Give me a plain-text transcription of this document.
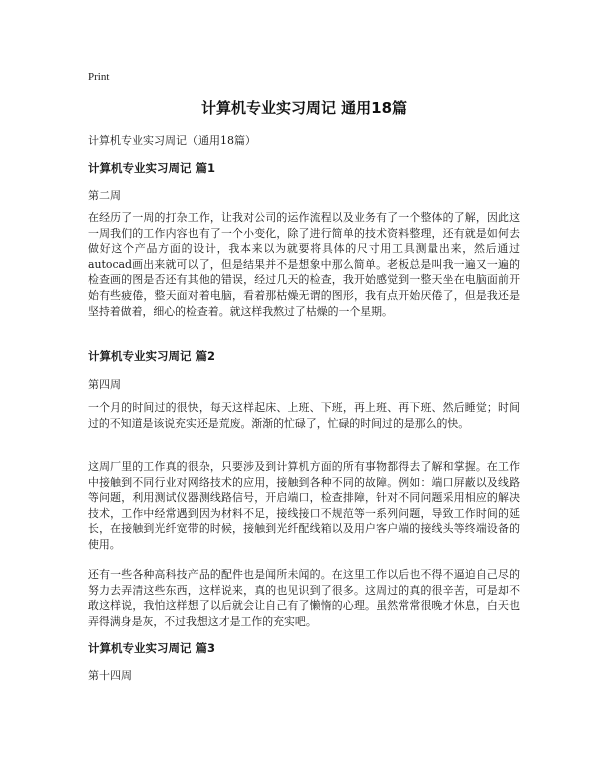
Print
计算机专业实习周记 通用18篇
计算机专业实习周记（通用18篇）
计算机专业实习周记 篇1
第二周
在经历了一周的打杂工作，让我对公司的运作流程以及业务有了一个整体的了解，因此这一周我们的工作内容也有了一个小变化，除了进行简单的技术资料整理，还有就是如何去做好这个产品方面的设计，我本来以为就要将具体的尺寸用工具测量出来，然后通过autocad画出来就可以了，但是结果并不是想象中那么简单。老板总是叫我一遍又一遍的检查画的图是否还有其他的错误，经过几天的检查，我开始感觉到一整天坐在电脑面前开始有些疲倦，整天面对着电脑，看着那枯燥无谓的图形，我有点开始厌倦了，但是我还是坚持着做着，细心的检查着。就这样我熬过了枯燥的一个星期。
计算机专业实习周记 篇2
第四周
一个月的时间过的很快，每天这样起床、上班、下班，再上班、再下班、然后睡觉；时间过的不知道是该说充实还是荒废。渐渐的忙碌了，忙碌的时间过的是那么的快。
这周厂里的工作真的很杂，只要涉及到计算机方面的所有事物都得去了解和掌握。在工作中接触到不同行业对网络技术的应用，接触到各种不同的故障。例如：端口屏蔽以及线路等问题，利用测试仪器测线路信号，开启端口，检查排障，针对不同问题采用相应的解决技术，工作中经常遇到因为材料不足，接线接口不规范等一系列问题，导致工作时间的延长，在接触到光纤宽带的时候，接触到光纤配线箱以及用户客户端的接线头等终端设备的使用。
还有一些各种高科技产品的配件也是闻所未闻的。在这里工作以后也不得不逼迫自己尽的努力去弄清这些东西，这样说来，真的也见识到了很多。这周过的真的很辛苦，可是却不敢这样说，我怕这样想了以后就会让自己有了懒惰的心理。虽然常常很晚才休息，白天也弄得满身是灰，不过我想这才是工作的充实吧。
计算机专业实习周记 篇3
第十四周
